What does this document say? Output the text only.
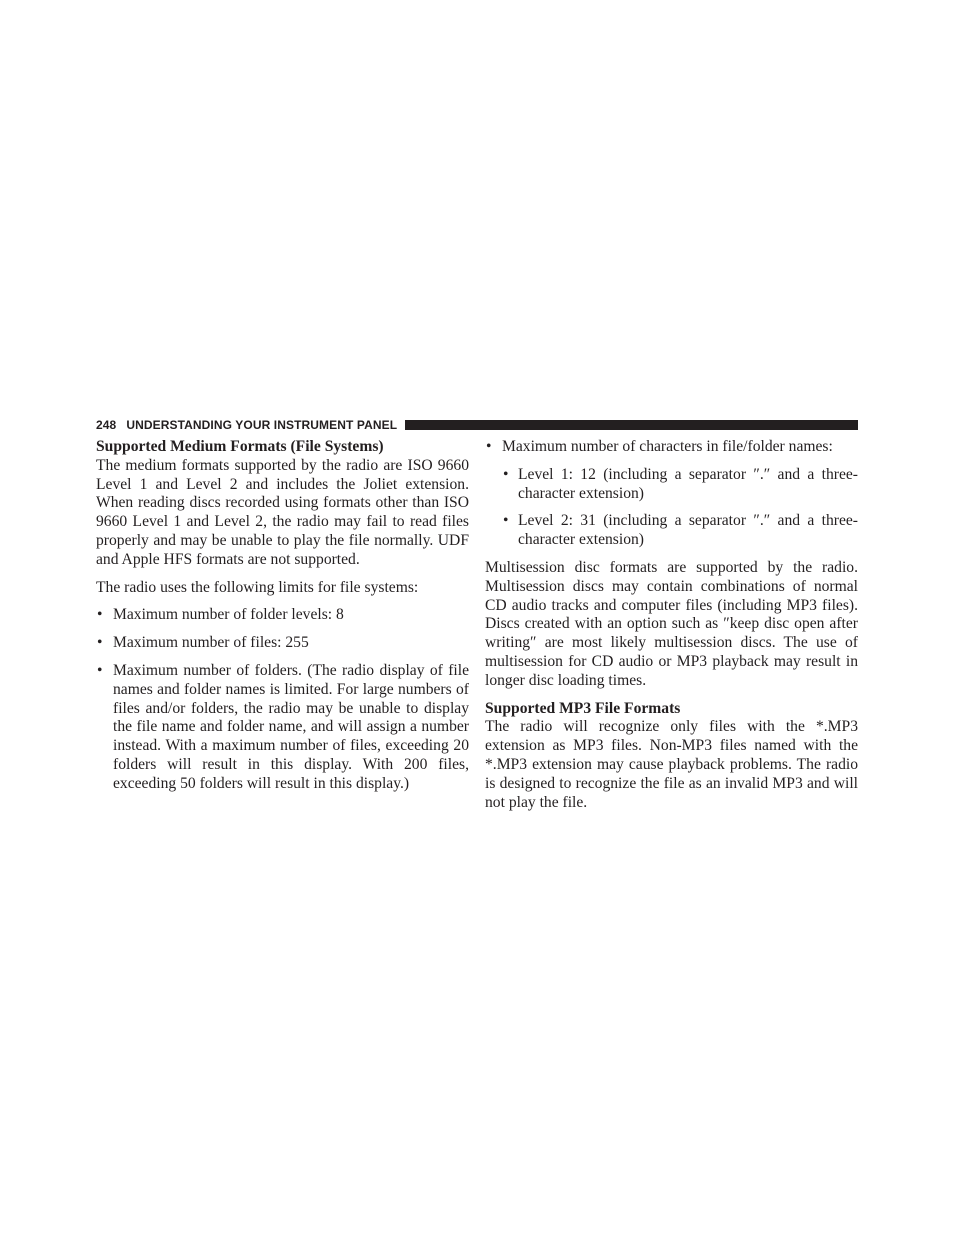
248 UNDERSTANDING YOUR INSTRUMENT PANEL
Supported Medium Formats (File Systems)

The medium formats supported by the radio are ISO 9660 Level 1 and Level 2 and includes the Joliet extension. When reading discs recorded using formats other than ISO 9660 Level 1 and Level 2, the radio may fail to read files properly and may be unable to play the file normally. UDF and Apple HFS formats are not supported.

The radio uses the following limits for file systems:

• Maximum number of folder levels: 8
• Maximum number of files: 255
• Maximum number of folders. (The radio display of file names and folder names is limited. For large numbers of files and/or folders, the radio may be unable to display the file name and folder name, and will assign a number instead. With a maximum number of files, exceeding 20 folders will result in this display. With 200 files, exceeding 50 folders will result in this display.)
• Maximum number of characters in file/folder names:
• Level 1: 12 (including a separator ″.″ and a three-character extension)
• Level 2: 31 (including a separator ″.″ and a three-character extension)

Multisession disc formats are supported by the radio. Multisession discs may contain combinations of normal CD audio tracks and computer files (including MP3 files). Discs created with an option such as ″keep disc open after writing″ are most likely multisession discs. The use of multisession for CD audio or MP3 playback may result in longer disc loading times.

Supported MP3 File Formats

The radio will recognize only files with the *.MP3 extension as MP3 files. Non-MP3 files named with the *.MP3 extension may cause playback problems. The radio is designed to recognize the file as an invalid MP3 and will not play the file.
